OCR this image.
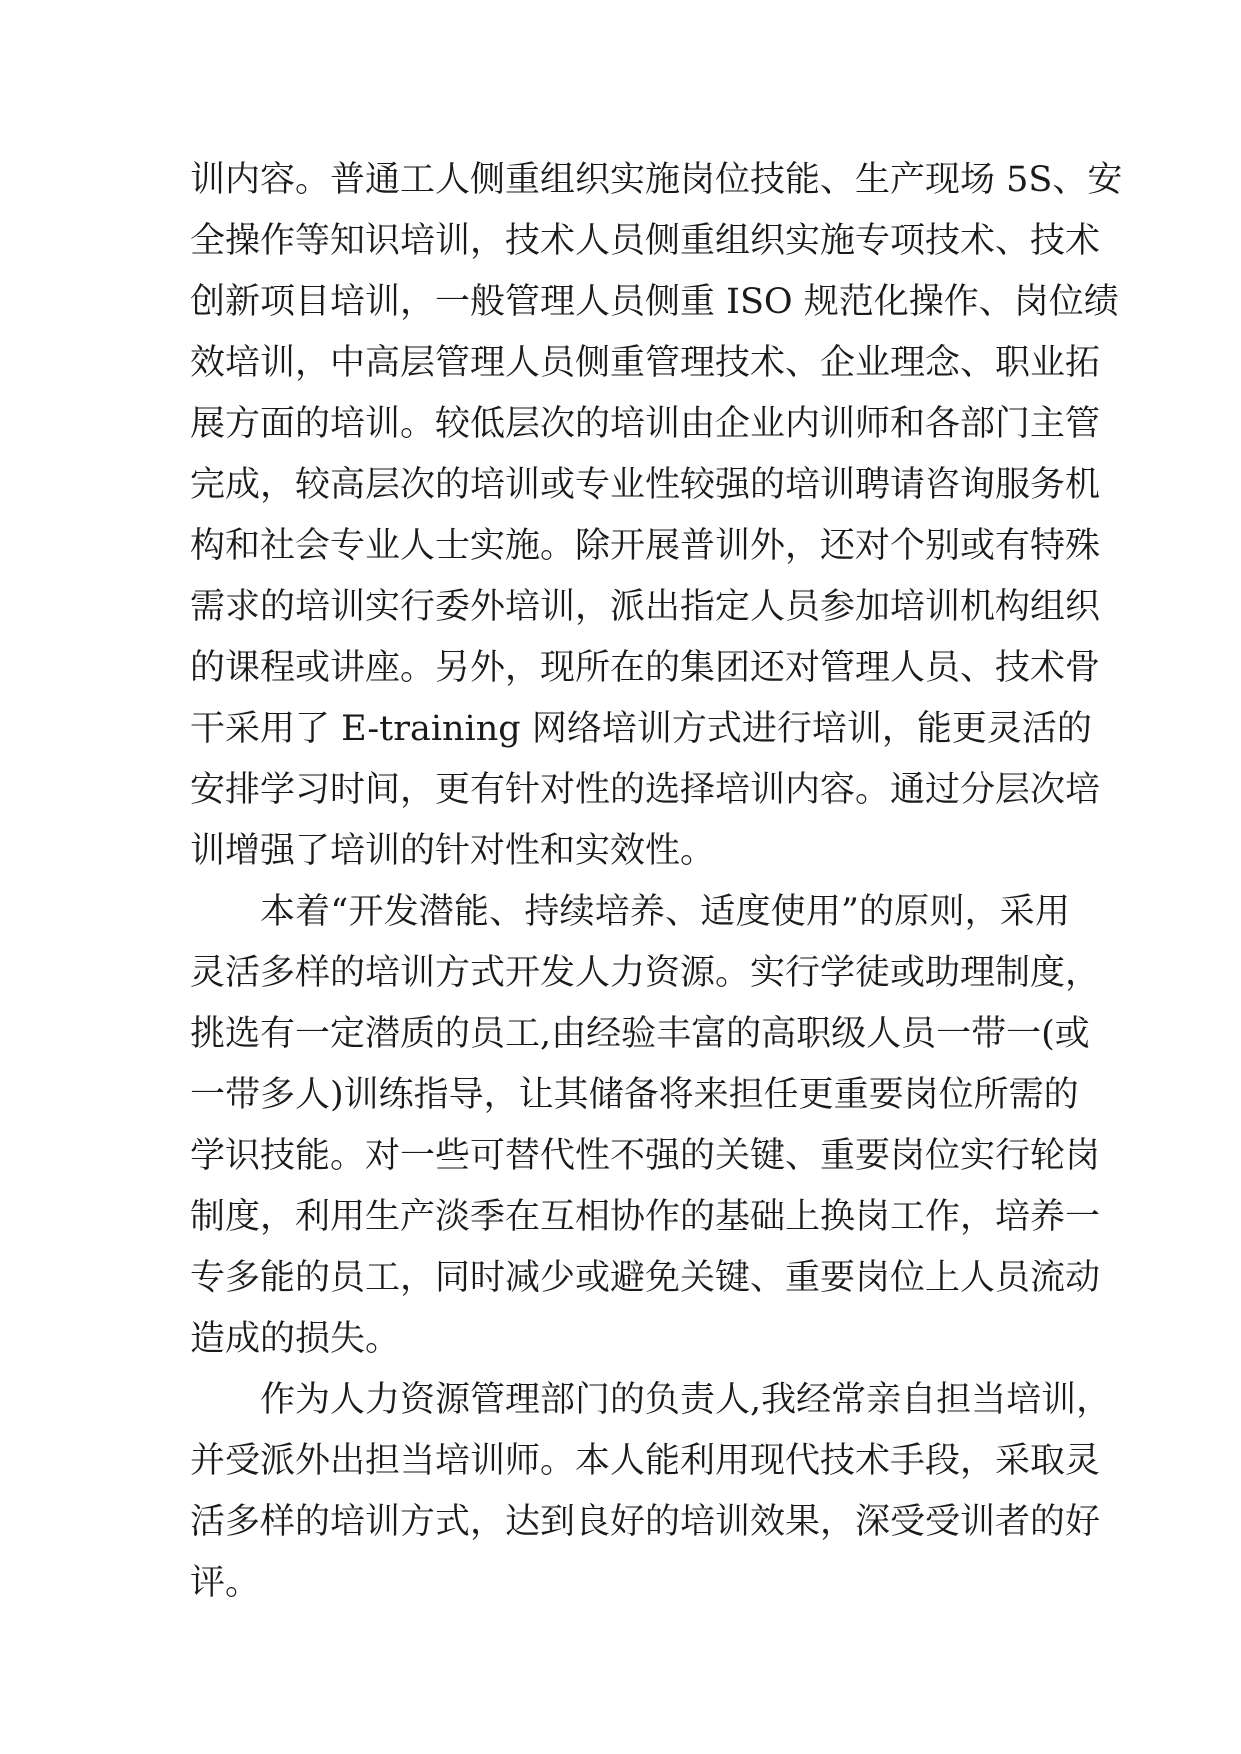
训内容。普通工人侧重组织实施岗位技能、生产现场 5S、安
全操作等知识培训，技术人员侧重组织实施专项技术、技术
创新项目培训，一般管理人员侧重 ISO 规范化操作、岗位绩
效培训，中高层管理人员侧重管理技术、企业理念、职业拓
展方面的培训。较低层次的培训由企业内训师和各部门主管
完成，较高层次的培训或专业性较强的培训聘请咨询服务机
构和社会专业人士实施。除开展普训外，还对个别或有特殊
需求的培训实行委外培训，派出指定人员参加培训机构组织
的课程或讲座。另外，现所在的集团还对管理人员、技术骨
干采用了 E-training 网络培训方式进行培训，能更灵活的
安排学习时间，更有针对性的选择培训内容。通过分层次培
训增强了培训的针对性和实效性。
本着“开发潜能、持续培养、适度使用”的原则，采用
灵活多样的培训方式开发人力资源。实行学徒或助理制度，
挑选有一定潜质的员工,由经验丰富的高职级人员一带一(或
一带多人)训练指导，让其储备将来担任更重要岗位所需的
学识技能。对一些可替代性不强的关键、重要岗位实行轮岗
制度，利用生产淡季在互相协作的基础上换岗工作，培养一
专多能的员工，同时减少或避免关键、重要岗位上人员流动
造成的损失。
作为人力资源管理部门的负责人,我经常亲自担当培训，
并受派外出担当培训师。本人能利用现代技术手段，采取灵
活多样的培训方式，达到良好的培训效果，深受受训者的好
评。
